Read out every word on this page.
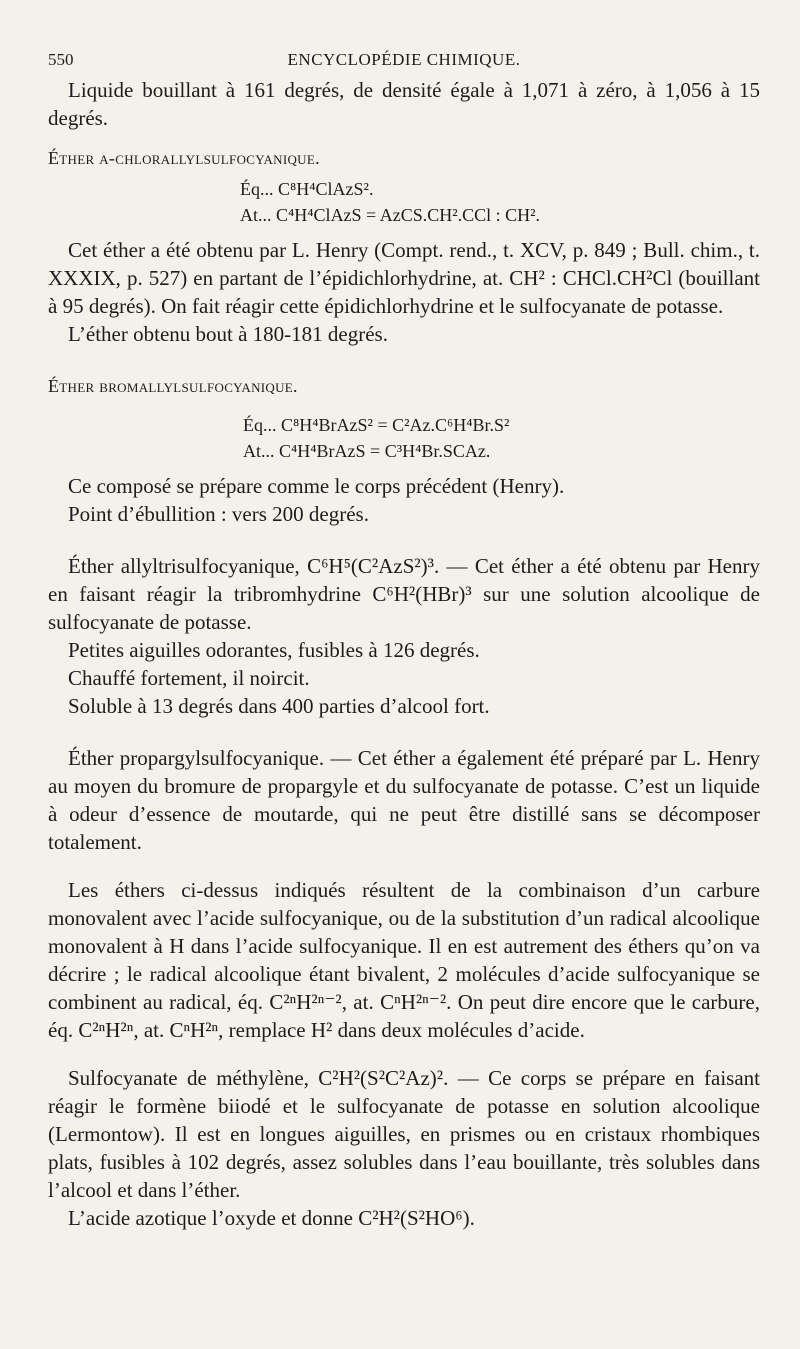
550	ENCYCLOPÉDIE CHIMIQUE.

Liquide bouillant à 161 degrés, de densité égale à 1,071 à zéro, à 1,056 à 15 degrés.

Éther α-chlorallylsulfocyanique.

Éq... C⁸H⁴ClAzS².
At... C⁴H⁴ClAzS = AzCS.CH².CCl : CH².

Cet éther a été obtenu par L. Henry (Compt. rend., t. XCV, p. 849 ; Bull. chim., t. XXXIX, p. 527) en partant de l’épidichlorhydrine, at. CH² : CHCl.CH²Cl (bouillant à 95 degrés). On fait réagir cette épidichlorhydrine et le sulfocyanate de potasse.

L’éther obtenu bout à 180-181 degrés.

Éther bromallylsulfocyanique.

Éq... C⁸H⁴BrAzS² = C²Az.C⁶H⁴Br.S²
At... C⁴H⁴BrAzS = C³H⁴Br.SCAz.

Ce composé se prépare comme le corps précédent (Henry).

Point d’ébullition : vers 200 degrés.

Éther allyltrisulfocyanique, C⁶H⁵(C²AzS²)³. — Cet éther a été obtenu par Henry en faisant réagir la tribromhydrine C⁶H²(HBr)³ sur une solution alcoolique de sulfocyanate de potasse.

Petites aiguilles odorantes, fusibles à 126 degrés.

Chauffé fortement, il noircit.

Soluble à 13 degrés dans 400 parties d’alcool fort.

Éther propargylsulfocyanique. — Cet éther a également été préparé par L. Henry au moyen du bromure de propargyle et du sulfocyanate de potasse. C’est un liquide à odeur d’essence de moutarde, qui ne peut être distillé sans se décomposer totalement.

Les éthers ci-dessus indiqués résultent de la combinaison d’un carbure monovalent avec l’acide sulfocyanique, ou de la substitution d’un radical alcoolique monovalent à H dans l’acide sulfocyanique. Il en est autrement des éthers qu’on va décrire ; le radical alcoolique étant bivalent, 2 molécules d’acide sulfocyanique se combinent au radical, éq. C²ⁿH²ⁿ⁻², at. CⁿH²ⁿ⁻². On peut dire encore que le carbure, éq. C²ⁿH²ⁿ, at. CⁿH²ⁿ, remplace H² dans deux molécules d’acide.

Sulfocyanate de méthylène, C²H²(S²C²Az)². — Ce corps se prépare en faisant réagir le formène biiodé et le sulfocyanate de potasse en solution alcoolique (Lermontow). Il est en longues aiguilles, en prismes ou en cristaux rhombiques plats, fusibles à 102 degrés, assez solubles dans l’eau bouillante, très solubles dans l’alcool et dans l’éther.

L’acide azotique l’oxyde et donne C²H²(S²HO⁶).
